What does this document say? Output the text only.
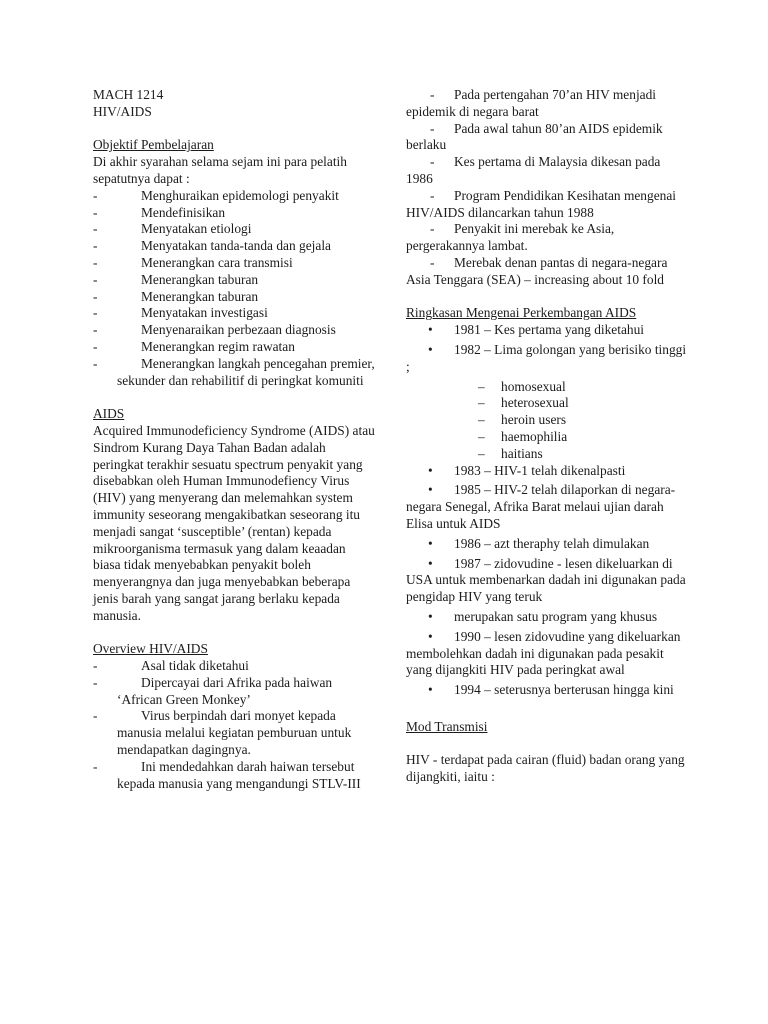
MACH 1214
HIV/AIDS
Objektif Pembelajaran
Di akhir syarahan selama sejam ini para pelatih sepatutnya dapat :
-	Menghuraikan epidemologi penyakit
-	Mendefinisikan
-	Menyatakan etiologi
-	Menyatakan tanda-tanda dan gejala
-	Menerangkan cara transmisi
-	Menerangkan taburan
-	Menerangkan taburan
-	Menyatakan investigasi
-	Menyenaraikan perbezaan diagnosis
-	Menerangkan regim rawatan
-	Menerangkan langkah pencegahan premier, sekunder dan rehabilitif di peringkat komuniti
AIDS
Acquired Immunodeficiency Syndrome (AIDS) atau Sindrom Kurang Daya Tahan Badan adalah peringkat terakhir sesuatu spectrum penyakit yang disebabkan oleh Human Immunodefiency Virus (HIV) yang menyerang dan melemahkan system immunity seseorang mengakibatkan seseorang itu menjadi sangat ‘susceptible’ (rentan) kepada mikroorganisma termasuk yang dalam keaadan biasa tidak menyebabkan penyakit boleh menyerangnya dan juga menyebabkan beberapa jenis barah yang sangat jarang berlaku kepada manusia.
Overview HIV/AIDS
-	Asal tidak diketahui
-	Dipercayai dari Afrika pada haiwan ‘African Green Monkey’
-	Virus berpindah dari monyet kepada manusia melalui kegiatan pemburuan untuk mendapatkan dagingnya.
-	Ini mendedahkan darah haiwan tersebut kepada manusia yang mengandungi STLV-III
-	Pada pertengahan 70’an HIV menjadi epidemik di negara barat
-	Pada awal tahun 80’an AIDS epidemik berlaku
-	Kes pertama di Malaysia dikesan pada 1986
-	Program Pendidikan Kesihatan mengenai HIV/AIDS dilancarkan tahun 1988
-	Penyakit ini merebak ke Asia, pergerakannya lambat.
-	Merebak denan pantas di negara-negara Asia Tenggara (SEA) – increasing about 10 fold
Ringkasan Mengenai Perkembangan AIDS
•	1981 – Kes pertama yang diketahui
•	1982 – Lima golongan yang berisiko tinggi ;
–	homosexual
–	heterosexual
–	heroin users
–	haemophilia
–	haitians
•	1983 – HIV-1 telah dikenalpasti
•	1985 – HIV-2 telah dilaporkan di negara-negara Senegal, Afrika Barat melaui ujian darah Elisa untuk AIDS
•	1986 – azt theraphy telah dimulakan
•	1987 – zidovudine - lesen dikeluarkan di USA untuk membenarkan dadah ini digunakan pada pengidap HIV yang teruk
•	merupakan satu program yang khusus
•	1990 – lesen zidovudine yang dikeluarkan membolehkan dadah ini digunakan pada pesakit yang dijangkiti HIV pada peringkat awal
•	1994 – seterusnya berterusan hingga kini
Mod Transmisi
HIV - terdapat pada cairan (fluid) badan orang yang dijangkiti, iaitu :
